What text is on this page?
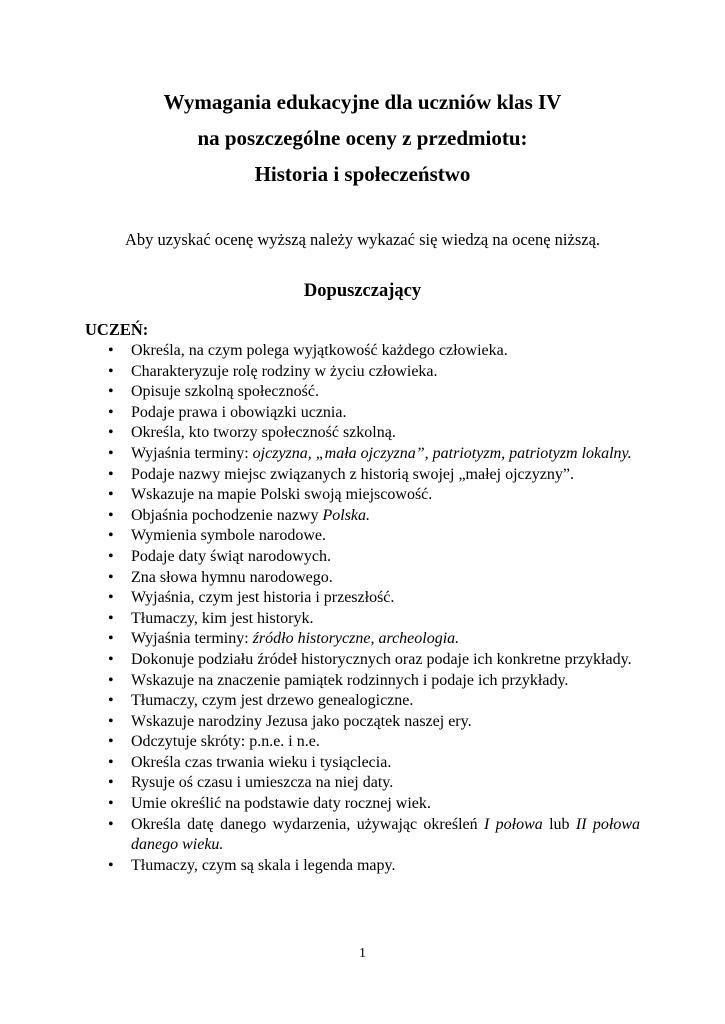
Wymagania edukacyjne dla uczniów klas IV
na poszczególne oceny z przedmiotu:
Historia i społeczeństwo
Aby uzyskać ocenę wyższą należy wykazać się wiedzą na ocenę niższą.
Dopuszczający
UCZEŃ:
• Określa, na czym polega wyjątkowość każdego człowieka.
• Charakteryzuje rolę rodziny w życiu człowieka.
• Opisuje szkolną społeczność.
• Podaje prawa i obowiązki ucznia.
• Określa, kto tworzy społeczność szkolną.
• Wyjaśnia terminy: ojczyzna, „mała ojczyzna”, patriotyzm, patriotyzm lokalny.
• Podaje nazwy miejsc związanych z historią swojej „małej ojczyzny”.
• Wskazuje na mapie Polski swoją miejscowość.
• Objaśnia pochodzenie nazwy Polska.
• Wymienia symbole narodowe.
• Podaje daty świąt narodowych.
• Zna słowa hymnu narodowego.
• Wyjaśnia, czym jest historia i przeszłość.
• Tłumaczy, kim jest historyk.
• Wyjaśnia terminy: źródło historyczne, archeologia.
• Dokonuje podziału źródeł historycznych oraz podaje ich konkretne przykłady.
• Wskazuje na znaczenie pamiątek rodzinnych i podaje ich przykłady.
• Tłumaczy, czym jest drzewo genealogiczne.
• Wskazuje narodziny Jezusa jako początek naszej ery.
• Odczytuje skróty: p.n.e. i n.e.
• Określa czas trwania wieku i tysiąclecia.
• Rysuje oś czasu i umieszcza na niej daty.
• Umie określić na podstawie daty rocznej wiek.
• Określa datę danego wydarzenia, używając określeń I połowa lub II połowa danego wieku.
• Tłumaczy, czym są skala i legenda mapy.
1
